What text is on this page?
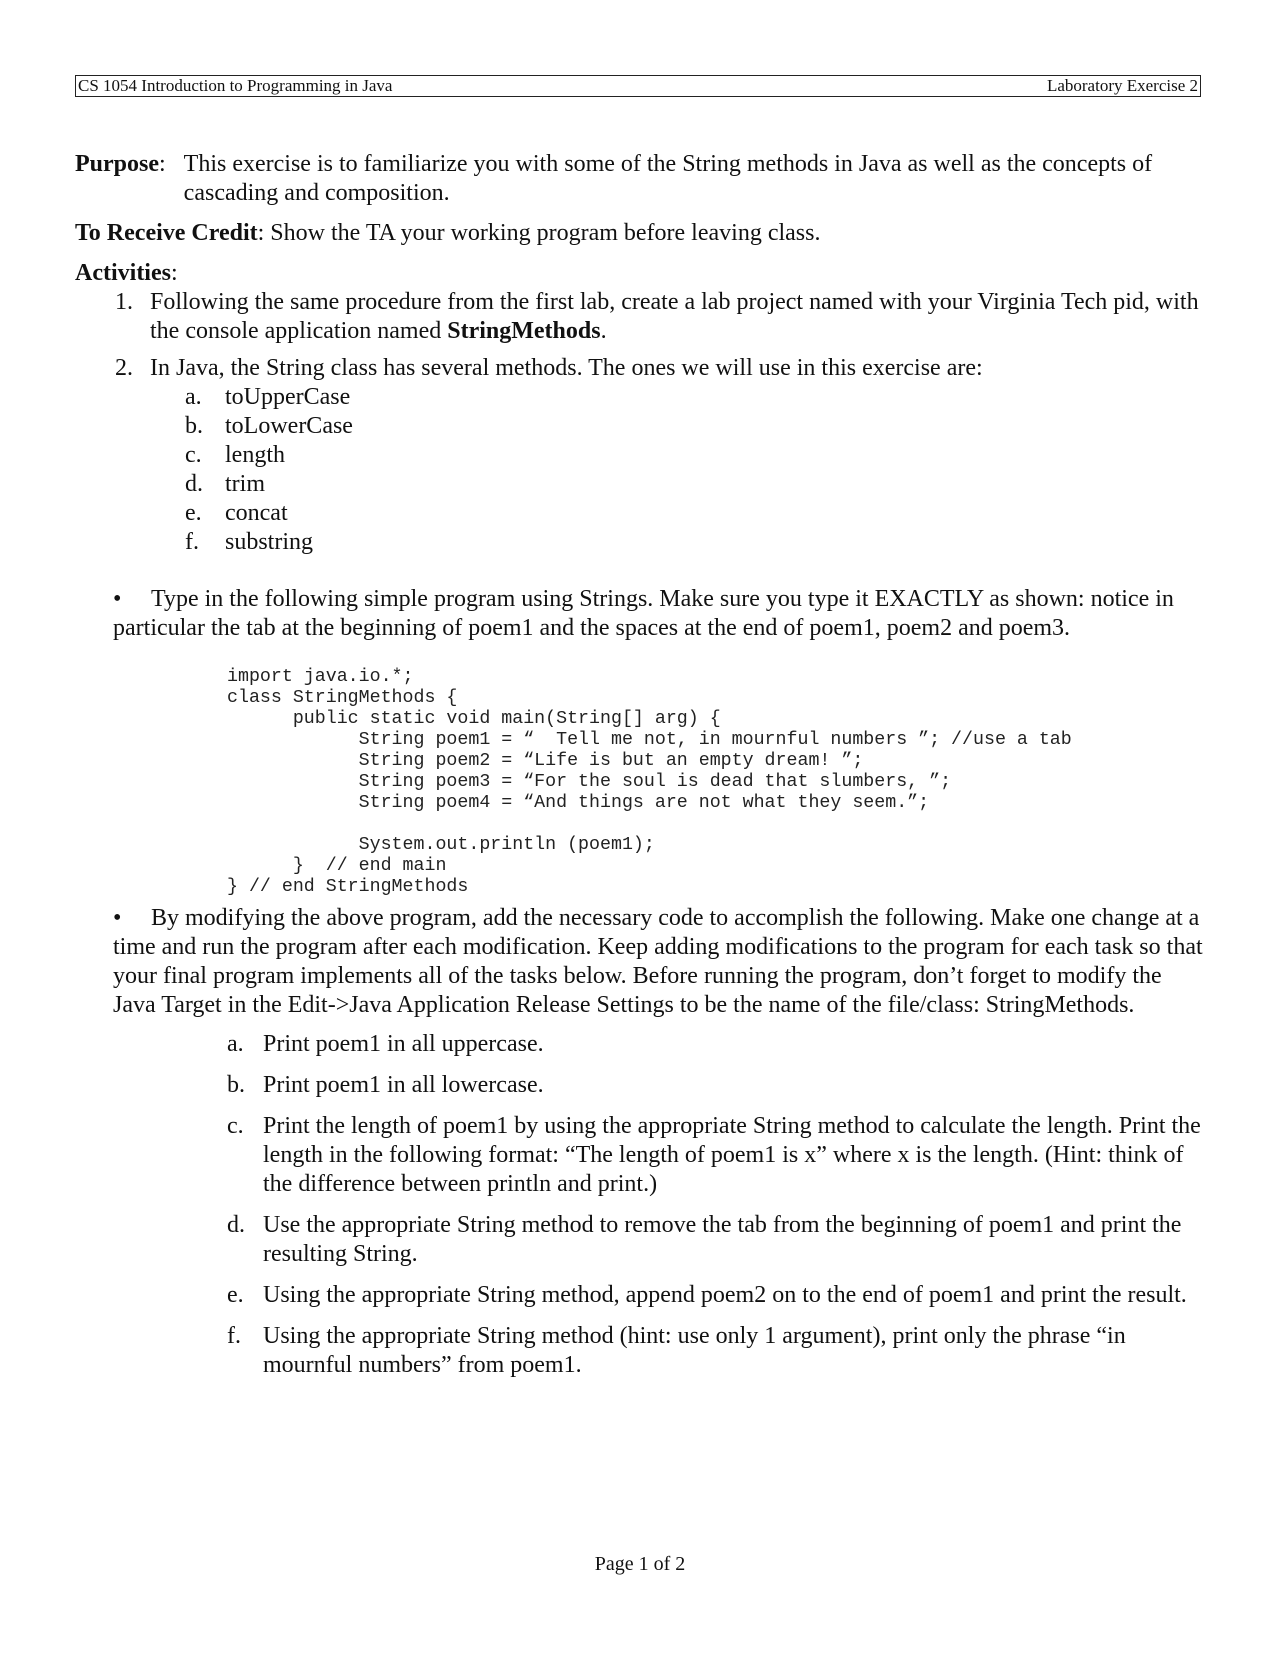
CS 1054 Introduction to Programming in Java	Laboratory Exercise 2
Purpose : This exercise is to familiarize you with some of the String methods in Java as well as the concepts of cascading and composition.
To Receive Credit: Show the TA your working program before leaving class.
Activities:
1. Following the same procedure from the first lab, create a lab project named with your Virginia Tech pid, with the console application named StringMethods.
2. In Java, the String class has several methods. The ones we will use in this exercise are:
a. toUpperCase
b. toLowerCase
c. length
d. trim
e. concat
f.	substring
• Type in the following simple program using Strings. Make sure you type it EXACTLY as shown: notice in particular the tab at the beginning of poem1 and the spaces at the end of poem1, poem2 and poem3.
import java.io.*;
class StringMethods {
public static void main(String[] arg) {
String poem1 = “  Tell me not, in mournful numbers ”; //use a tab
String poem2 = “Life is but an empty dream! ”;
String poem3 = “For the soul is dead that slumbers, ”;
String poem4 = “And things are not what they seem.”;

System.out.println (poem1);
}  // end main
} // end StringMethods
• By modifying the above program, add the necessary code to accomplish the following. Make one change at a time and run the program after each modification. Keep adding modifications to the program for each task so that your final program implements all of the tasks below. Before running the program, don’t forget to modify the Java Target in the Edit->Java Application Release Settings to be the name of the file/class: StringMethods.
a. Print poem1 in all uppercase.
b. Print poem1 in all lowercase.
c. Print the length of poem1 by using the appropriate String method to calculate the length. Print the length in the following format: “The length of poem1 is x” where x is the length. (Hint: think of the difference between println and print.)
d. Use the appropriate String method to remove the tab from the beginning of poem1 and print the resulting String.
e. Using the appropriate String method, append poem2 on to the end of poem1 and print the result.
f. Using the appropriate String method (hint: use only 1 argument), print only the phrase “in mournful numbers” from poem1.
Page 1 of 2
